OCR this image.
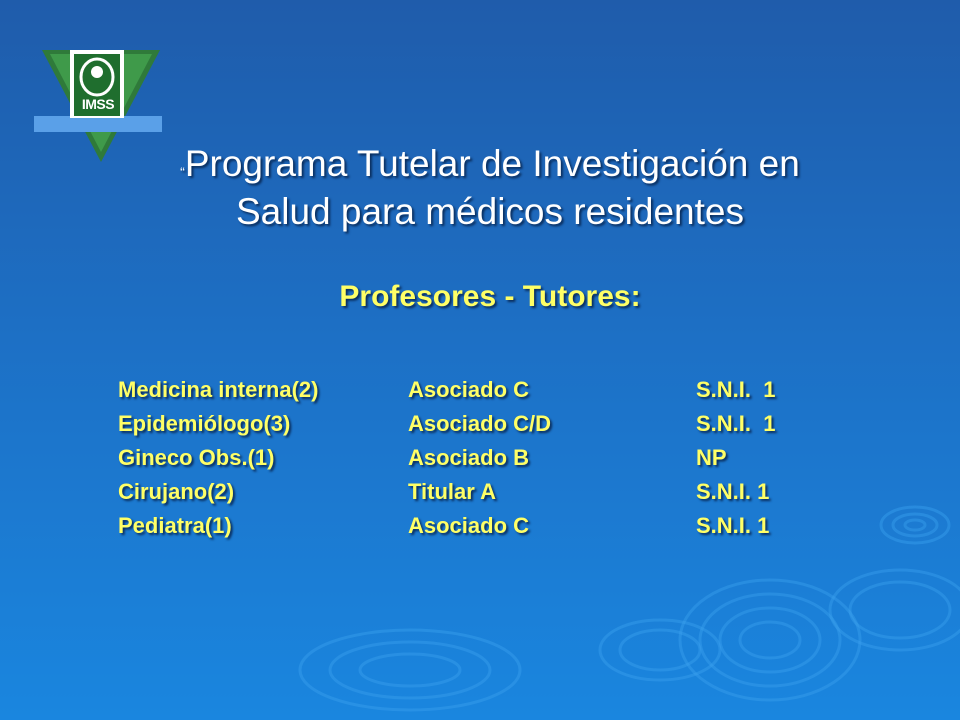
IMSS
“Programa Tutelar de Investigación en
Salud para médicos residentes
Profesores - Tutores:
Medicina interna(2)	Asociado C	S.N.I.  1
Epidemiólogo(3)	Asociado C/D	S.N.I.  1
Gineco Obs.(1)	Asociado B	NP
Cirujano(2)	Titular A	S.N.I. 1
Pediatra(1)	Asociado C	S.N.I. 1
